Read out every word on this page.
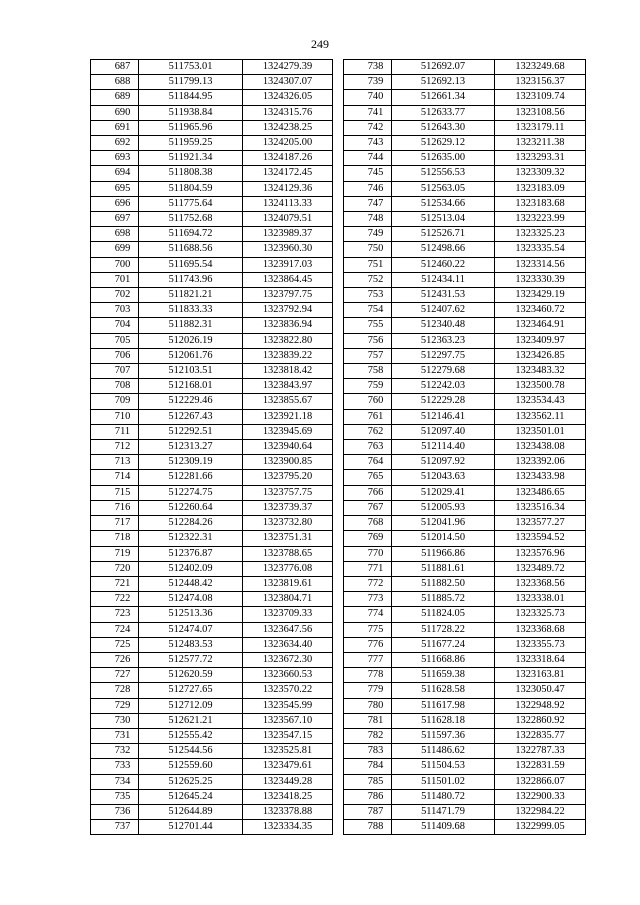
249
687	511753.01	1324279.39
688	511799.13	1324307.07
689	511844.95	1324326.05
690	511938.84	1324315.76
691	511965.96	1324238.25
692	511959.25	1324205.00
693	511921.34	1324187.26
694	511808.38	1324172.45
695	511804.59	1324129.36
696	511775.64	1324113.33
697	511752.68	1324079.51
698	511694.72	1323989.37
699	511688.56	1323960.30
700	511695.54	1323917.03
701	511743.96	1323864.45
702	511821.21	1323797.75
703	511833.33	1323792.94
704	511882.31	1323836.94
705	512026.19	1323822.80
706	512061.76	1323839.22
707	512103.51	1323818.42
708	512168.01	1323843.97
709	512229.46	1323855.67
710	512267.43	1323921.18
711	512292.51	1323945.69
712	512313.27	1323940.64
713	512309.19	1323900.85
714	512281.66	1323795.20
715	512274.75	1323757.75
716	512260.64	1323739.37
717	512284.26	1323732.80
718	512322.31	1323751.31
719	512376.87	1323788.65
720	512402.09	1323776.08
721	512448.42	1323819.61
722	512474.08	1323804.71
723	512513.36	1323709.33
724	512474.07	1323647.56
725	512483.53	1323634.40
726	512577.72	1323672.30
727	512620.59	1323660.53
728	512727.65	1323570.22
729	512712.09	1323545.99
730	512621.21	1323567.10
731	512555.42	1323547.15
732	512544.56	1323525.81
733	512559.60	1323479.61
734	512625.25	1323449.28
735	512645.24	1323418.25
736	512644.89	1323378.88
737	512701.44	1323334.35
738	512692.07	1323249.68
739	512692.13	1323156.37
740	512661.34	1323109.74
741	512633.77	1323108.56
742	512643.30	1323179.11
743	512629.12	1323211.38
744	512635.00	1323293.31
745	512556.53	1323309.32
746	512563.05	1323183.09
747	512534.66	1323183.68
748	512513.04	1323223.99
749	512526.71	1323325.23
750	512498.66	1323335.54
751	512460.22	1323314.56
752	512434.11	1323330.39
753	512431.53	1323429.19
754	512407.62	1323460.72
755	512340.48	1323464.91
756	512363.23	1323409.97
757	512297.75	1323426.85
758	512279.68	1323483.32
759	512242.03	1323500.78
760	512229.28	1323534.43
761	512146.41	1323562.11
762	512097.40	1323501.01
763	512114.40	1323438.08
764	512097.92	1323392.06
765	512043.63	1323433.98
766	512029.41	1323486.65
767	512005.93	1323516.34
768	512041.96	1323577.27
769	512014.50	1323594.52
770	511966.86	1323576.96
771	511881.61	1323489.72
772	511882.50	1323368.56
773	511885.72	1323338.01
774	511824.05	1323325.73
775	511728.22	1323368.68
776	511677.24	1323355.73
777	511668.86	1323318.64
778	511659.38	1323163.81
779	511628.58	1323050.47
780	511617.98	1322948.92
781	511628.18	1322860.92
782	511597.36	1322835.77
783	511486.62	1322787.33
784	511504.53	1322831.59
785	511501.02	1322866.07
786	511480.72	1322900.33
787	511471.79	1322984.22
788	511409.68	1322999.05
